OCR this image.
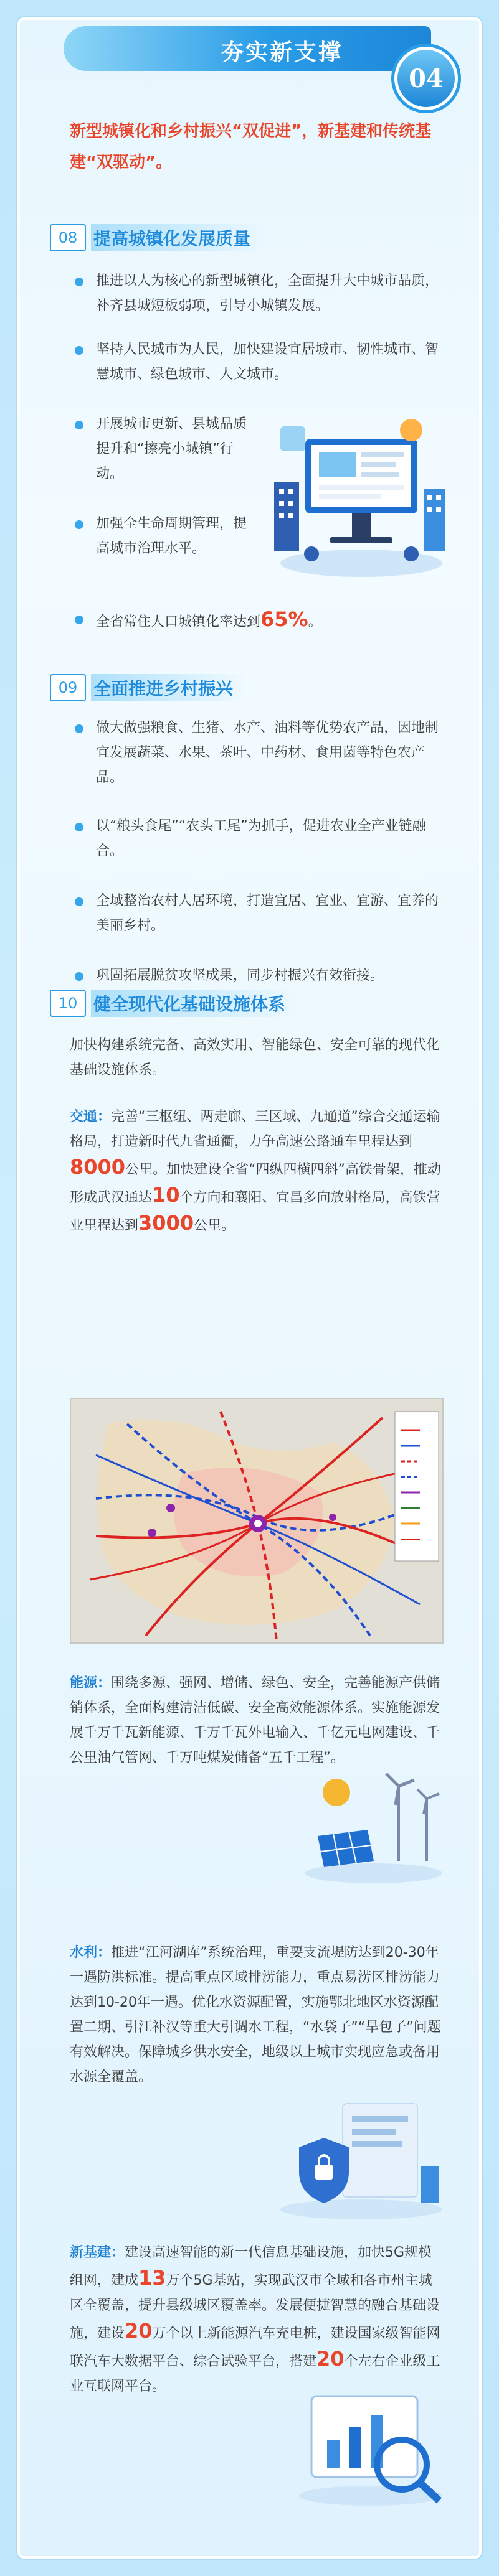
夯实新支撑
04
新型城镇化和乡村振兴“双促进”，新基建和传统基建“双驱动”。
08 提高城镇化发展质量
推进以人为核心的新型城镇化，全面提升大中城市品质，补齐县城短板弱项，引导小城镇发展。
坚持人民城市为人民，加快建设宜居城市、韧性城市、智慧城市、绿色城市、人文城市。
开展城市更新、县城品质提升和“擦亮小城镇”行动。
加强全生命周期管理，提高城市治理水平。
全省常住人口城镇化率达到65%。
09 全面推进乡村振兴
做大做强粮食、生猪、水产、油料等优势农产品，因地制宜发展蔬菜、水果、茶叶、中药材、食用菌等特色农产品。
以“粮头食尾”“农头工尾”为抓手，促进农业全产业链融合。
全域整治农村人居环境，打造宜居、宜业、宜游、宜养的美丽乡村。
巩固拓展脱贫攻坚成果，同步村振兴有效衔接。
10 健全现代化基础设施体系
加快构建系统完备、高效实用、智能绿色、安全可靠的现代化基础设施体系。
交通：完善“三枢纽、两走廊、三区域、九通道”综合交通运输格局，打造新时代九省通衢，力争高速公路通车里程达到8000公里。加快建设全省“四纵四横四斜”高铁骨架，推动形成武汉通达10个方向和襄阳、宜昌多向放射格局，高铁营业里程达到3000公里。
能源：围绕多源、强网、增储、绿色、安全，完善能源产供储销体系，全面构建清洁低碳、安全高效能源体系。实施能源发展千万千瓦新能源、千万千瓦外电输入、千亿元电网建设、千公里油气管网、千万吨煤炭储备“五千工程”。
水利：推进“江河湖库”系统治理，重要支流堤防达到20-30年一遇防洪标准。提高重点区域排涝能力，重点易涝区排涝能力达到10-20年一遇。优化水资源配置，实施鄂北地区水资源配置二期、引江补汉等重大引调水工程，“水袋子”“旱包子”问题有效解决。保障城乡供水安全，地级以上城市实现应急或备用水源全覆盖。
新基建：建设高速智能的新一代信息基础设施，加快5G规模组网，建成13万个5G基站，实现武汉市全域和各市州主城区全覆盖，提升县级城区覆盖率。发展便捷智慧的融合基础设施，建设20万个以上新能源汽车充电桩，建设国家级智能网联汽车大数据平台、综合试验平台，搭建20个左右企业级工业互联网平台。
